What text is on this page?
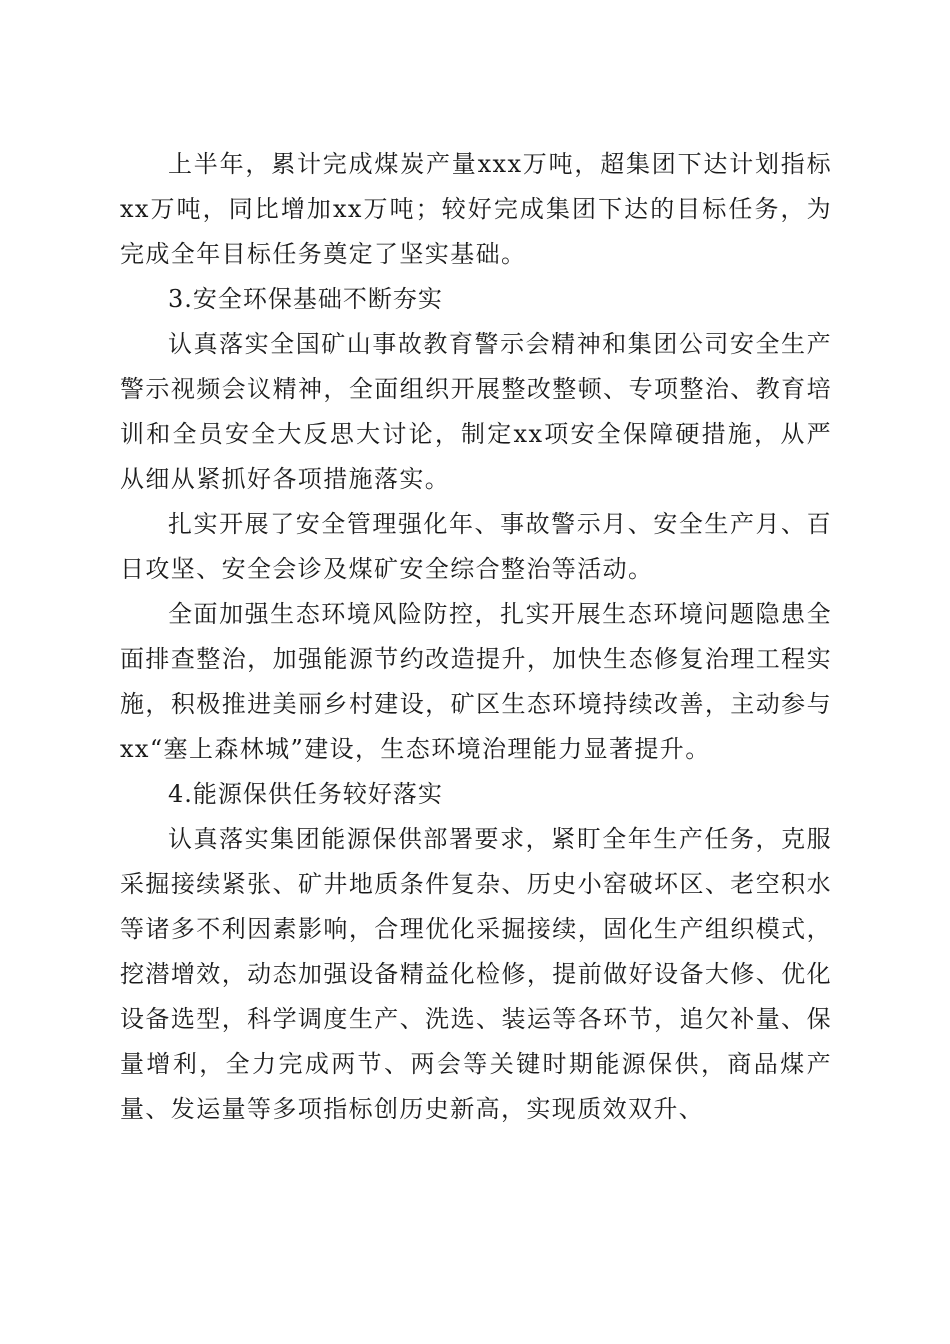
上半年，累计完成煤炭产量xxx万吨，超集团下达计划指标xx万吨，同比增加xx万吨；较好完成集团下达的目标任务，为完成全年目标任务奠定了坚实基础。

3.安全环保基础不断夯实

认真落实全国矿山事故教育警示会精神和集团公司安全生产警示视频会议精神，全面组织开展整改整顿、专项整治、教育培训和全员安全大反思大讨论，制定xx项安全保障硬措施，从严从细从紧抓好各项措施落实。

扎实开展了安全管理强化年、事故警示月、安全生产月、百日攻坚、安全会诊及煤矿安全综合整治等活动。

全面加强生态环境风险防控，扎实开展生态环境问题隐患全面排查整治，加强能源节约改造提升，加快生态修复治理工程实施，积极推进美丽乡村建设，矿区生态环境持续改善，主动参与xx“塞上森林城”建设，生态环境治理能力显著提升。

4.能源保供任务较好落实

认真落实集团能源保供部署要求，紧盯全年生产任务，克服采掘接续紧张、矿井地质条件复杂、历史小窑破坏区、老空积水等诸多不利因素影响，合理优化采掘接续，固化生产组织模式，挖潜增效，动态加强设备精益化检修，提前做好设备大修、优化设备选型，科学调度生产、洗选、装运等各环节，追欠补量、保量增利，全力完成两节、两会等关键时期能源保供，商品煤产量、发运量等多项指标创历史新高，实现质效双升、
